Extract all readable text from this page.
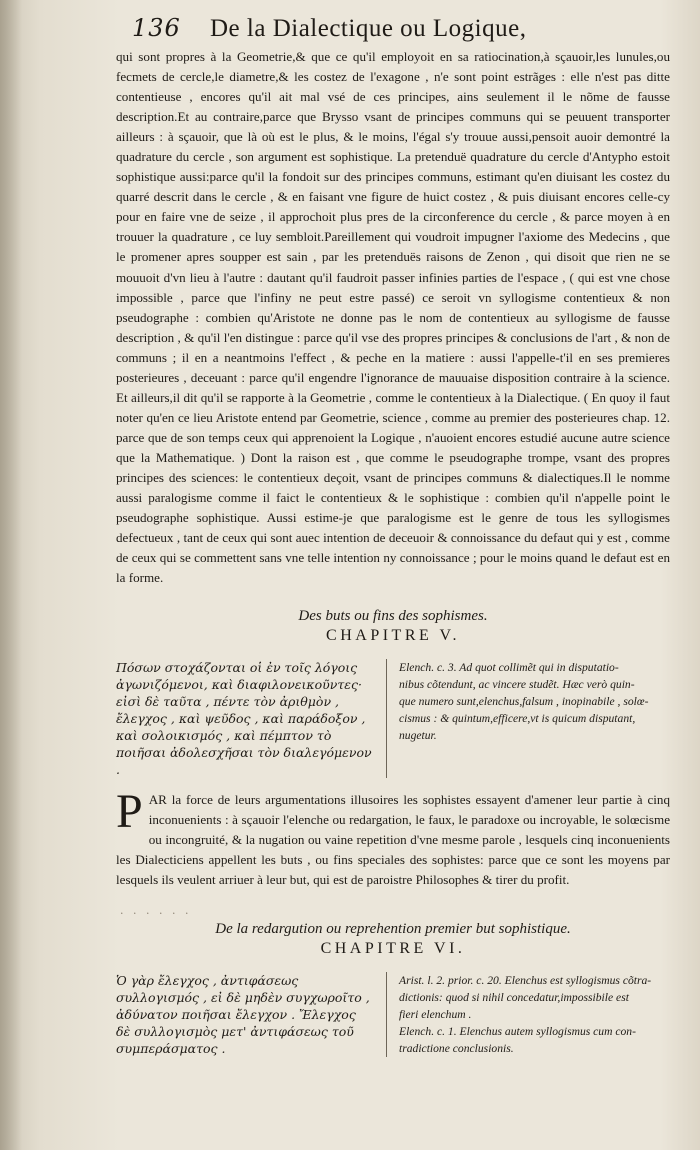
136	De la Dialectique ou Logique,

qui sont propres à la Geometrie,& que ce qu'il employoit en sa ratiocination,à sçauoir,les lunules,ou fecmets de cercle,le diametre,& les costez de l'exagone , n'e sont point estrãges : elle n'est pas ditte contentieuse , encores qu'il ait mal vsé de ces principes, ains seulement il le nõme de fausse description.Et au contraire,parce que Brysso vsant de principes communs qui se peuuent transporter ailleurs : à sçauoir, que là où est le plus, & le moins, l'égal s'y trouue aussi,pensoit auoir demontré la quadrature du cercle , son argument est sophistique. La pretenduë quadrature du cercle d'Antypho estoit sophistique aussi:parce qu'il la fondoit sur des principes communs, estimant qu'en diuisant les costez du quarré descrit dans le cercle , & en faisant vne figure de huict costez , & puis diuisant encores celle-cy pour en faire vne de seize , il approchoit plus pres de la circonference du cercle , & parce moyen à en trouuer la quadrature , ce luy sembloit.Pareillement qui voudroit impugner l'axiome des Medecins , que le promener apres soupper est sain , par les pretenduës raisons de Zenon , qui disoit que rien ne se mouuoit d'vn lieu à l'autre : dautant qu'il faudroit passer infinies parties de l'espace , ( qui est vne chose impossible , parce que l'infiny ne peut estre passé) ce seroit vn syllogisme contentieux & non pseudographe : combien qu'Aristote ne donne pas le nom de contentieux au syllogisme de fausse description , & qu'il l'en distingue : parce qu'il vse des propres principes & conclusions de l'art , & non de communs ; il en a neantmoins l'effect , & peche en la matiere : aussi l'appelle-t'il en ses premieres posterieures , deceuant : parce qu'il engendre l'ignorance de mauuaise disposition contraire à la science. Et ailleurs,il dit qu'il se rapporte à la Geometrie , comme le contentieux à la Dialectique. ( En quoy il faut noter qu'en ce lieu Aristote entend par Geometrie, science , comme au premier des posterieures chap. 12. parce que de son temps ceux qui apprenoient la Logique , n'auoient encores estudié aucune autre science que la Mathematique. ) Dont la raison est , que comme le pseudographe trompe, vsant des propres principes des sciences: le contentieux deçoit, vsant de principes communs & dialectiques.Il le nomme aussi paralogisme comme il faict le contentieux & le sophistique : combien qu'il n'appelle point le pseudographe sophistique. Aussi estime-je que paralogisme est le genre de tous les syllogismes defectueux , tant de ceux qui sont auec intention de deceuoir & connoissance du defaut qui y est , comme de ceux qui se commettent sans vne telle intention ny connoissance ; pour le moins quand le defaut est en la forme.

Des buts ou fins des sophismes.
CHAPITRE V.
Πόσων στοχάζονται οἱ ἐν τοῖς λόγοις ἀγωνιζόμενοι, καὶ διαφιλονεικοῦντες· εἰσὶ δὲ ταῦτα , πέντε τὸν ἀριθμὸν , ἔλεγχος , καὶ ψεῦδος , καὶ παράδοξον , καὶ σολοικισμός , καὶ πέμπτον τὸ ποιῆσαι ἀδολεσχῆσαι τὸν διαλεγόμενον .
Elench. c. 3. Ad quot collimẽt qui in disputatio-
nibus cõtendunt, ac vincere studẽt. Hæc verò quin-
que numero sunt,elenchus,falsum , inopinabile , solœ-
cismus : & quintum,efficere,vt is quicum disputant,
nugetur.

PAR la force de leurs argumentations illusoires les sophistes essayent d'amener leur partie à cinq inconuenients : à sçauoir l'elenche ou redargation, le faux, le paradoxe ou incroyable, le solœcisme ou incongruité, & la nugation ou vaine repetition d'vne mesme parole , lesquels cinq inconuenients les Dialecticiens appellent les buts , ou fins speciales des sophistes: parce que ce sont les moyens par lesquels ils veulent arriuer à leur but, qui est de paroistre Philosophes & tirer du profit.

· · · · · ·
De la redargution ou reprehention premier but sophistique.
CHAPITRE VI.
Ὁ γὰρ ἔλεγχος , ἀντιφάσεως συλλογισμός , εἰ δὲ μηδὲν συγχωροῖτο , ἀδύνατον ποιῆσαι ἔλεγχον . Ἔλεγχος δὲ συλλογισμὸς μετ' ἀντιφάσεως τοῦ συμπεράσματος .
Arist. l. 2. prior. c. 20. Elenchus est syllogismus cõtra-
dictionis: quod si nihil concedatur,impossibile est
fieri elenchum .
Elench. c. 1. Elenchus autem syllogismus cum con-
tradictione conclusionis.
